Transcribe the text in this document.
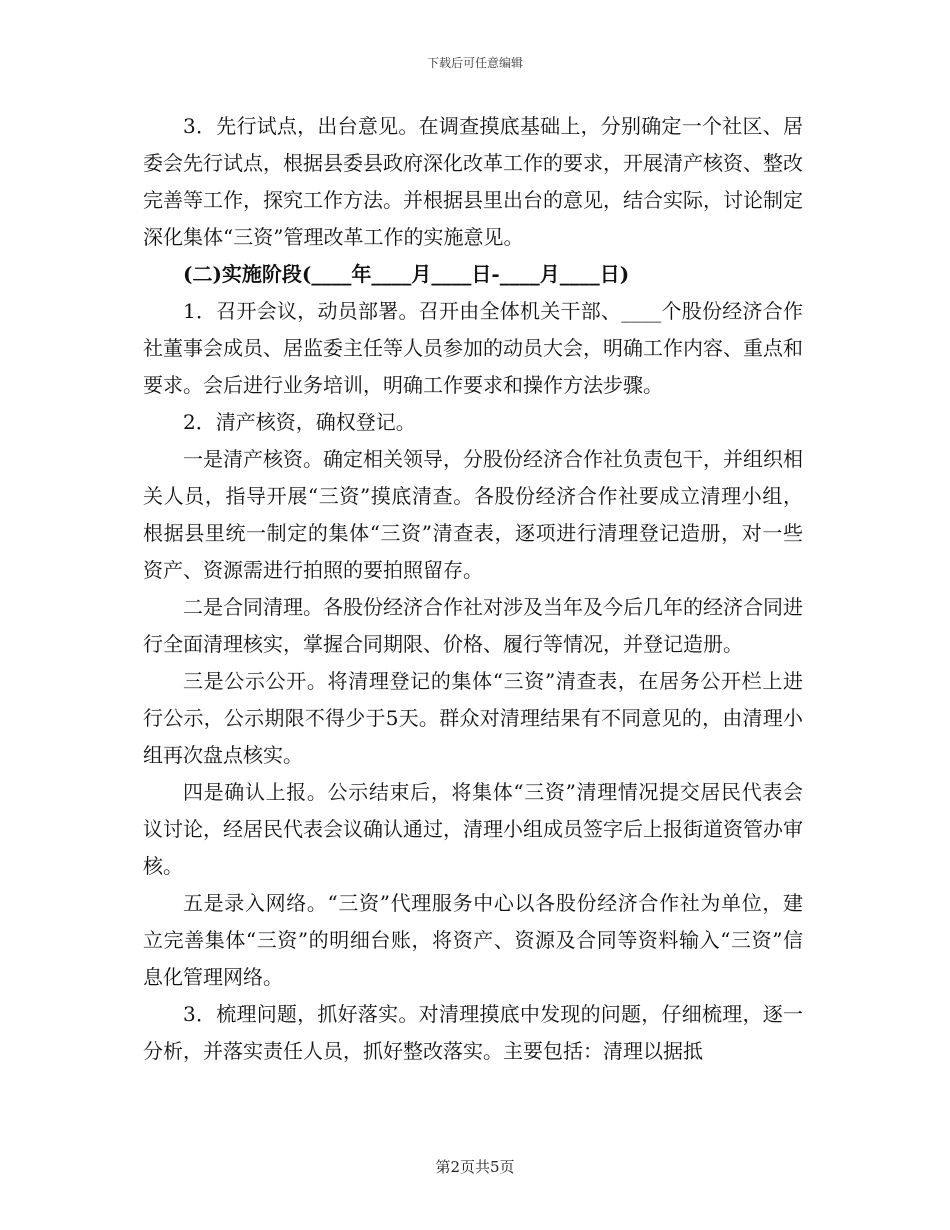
下载后可任意编辑

3．先行试点，出台意见。在调查摸底基础上，分别确定一个社区、居委会先行试点，根据县委县政府深化改革工作的要求，开展清产核资、整改完善等工作，探究工作方法。并根据县里出台的意见，结合实际，讨论制定深化集体“三资”管理改革工作的实施意见。

(二)实施阶段(____年____月____日-____月____日)

1．召开会议，动员部署。召开由全体机关干部、____个股份经济合作社董事会成员、居监委主任等人员参加的动员大会，明确工作内容、重点和要求。会后进行业务培训，明确工作要求和操作方法步骤。

2．清产核资，确权登记。

一是清产核资。确定相关领导，分股份经济合作社负责包干，并组织相关人员，指导开展“三资”摸底清查。各股份经济合作社要成立清理小组，根据县里统一制定的集体“三资”清查表，逐项进行清理登记造册，对一些资产、资源需进行拍照的要拍照留存。

二是合同清理。各股份经济合作社对涉及当年及今后几年的经济合同进行全面清理核实，掌握合同期限、价格、履行等情况，并登记造册。

三是公示公开。将清理登记的集体“三资”清查表，在居务公开栏上进行公示，公示期限不得少于5天。群众对清理结果有不同意见的，由清理小组再次盘点核实。

四是确认上报。公示结束后，将集体“三资”清理情况提交居民代表会议讨论，经居民代表会议确认通过，清理小组成员签字后上报街道资管办审核。

五是录入网络。“三资”代理服务中心以各股份经济合作社为单位，建立完善集体“三资”的明细台账，将资产、资源及合同等资料输入“三资”信息化管理网络。

3．梳理问题，抓好落实。对清理摸底中发现的问题，仔细梳理，逐一分析，并落实责任人员，抓好整改落实。主要包括：清理以据抵

第2页共5页
